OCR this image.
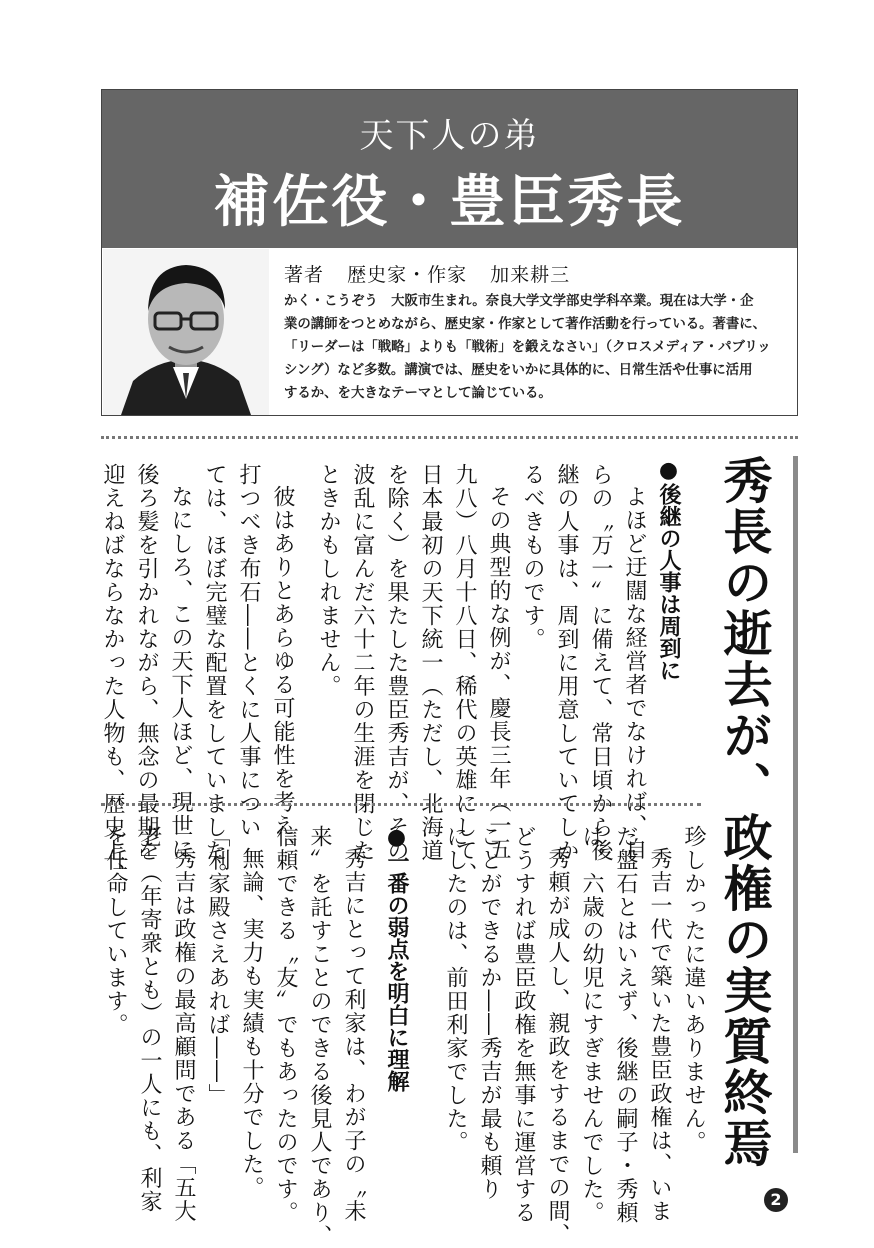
天下人の弟
補佐役・豊臣秀長
著者 歴史家・作家 加来耕三
かく・こうぞう　大阪市生まれ。奈良大学文学部史学科卒業。現在は大学・企
業の講師をつとめながら、歴史家・作家として著作活動を行っている。著書に、
「リーダーは「戦略」よりも「戦術」を鍛えなさい」（クロスメディア・パブリッ
シング）など多数。講演では、歴史をいかに具体的に、日常生活や仕事に活用
するか、を大きなテーマとして論じている。
秀長の逝去が、政権の実質終焉
●後継の人事は周到に
よほど迂闊な経営者でなければ、自
らの〝万一〟に備えて、常日頃から後
継の人事は、周到に用意していてしか
るべきものです。
その典型的な例が、慶長三年（一五
九八）八月十八日、稀代の英雄にして、
日本最初の天下統一（ただし、北海道
を除く）を果たした豊臣秀吉が、その
波乱に富んだ六十二年の生涯を閉じた
ときかもしれません。
彼はありとあらゆる可能性を考え、
打つべき布石――とくに人事につい
ては、ほぼ完璧な配置をしていました。
なにしろ、この天下人ほど、現世に
後ろ髪を引かれながら、無念の最期を
迎えねばならなかった人物も、歴史上、
珍しかったに違いありません。
秀吉一代で築いた豊臣政権は、いま
だ盤石とはいえず、後継の嗣子・秀頼
は、六歳の幼児にすぎませんでした。
秀頼が成人し、親政をするまでの間、
どうすれば豊臣政権を無事に運営する
ことができるか――秀吉が最も頼り
にしたのは、前田利家でした。
●一番の弱点を明白に理解
秀吉にとって利家は、わが子の〝未
来〟を託すことのできる後見人であり、
信頼できる〝友〟でもあったのです。
無論、実力も実績も十分でした。
「利家殿さえあれば――」
秀吉は政権の最高顧問である「五大
老」（年寄衆とも）の一人にも、利家
を任命しています。
2
